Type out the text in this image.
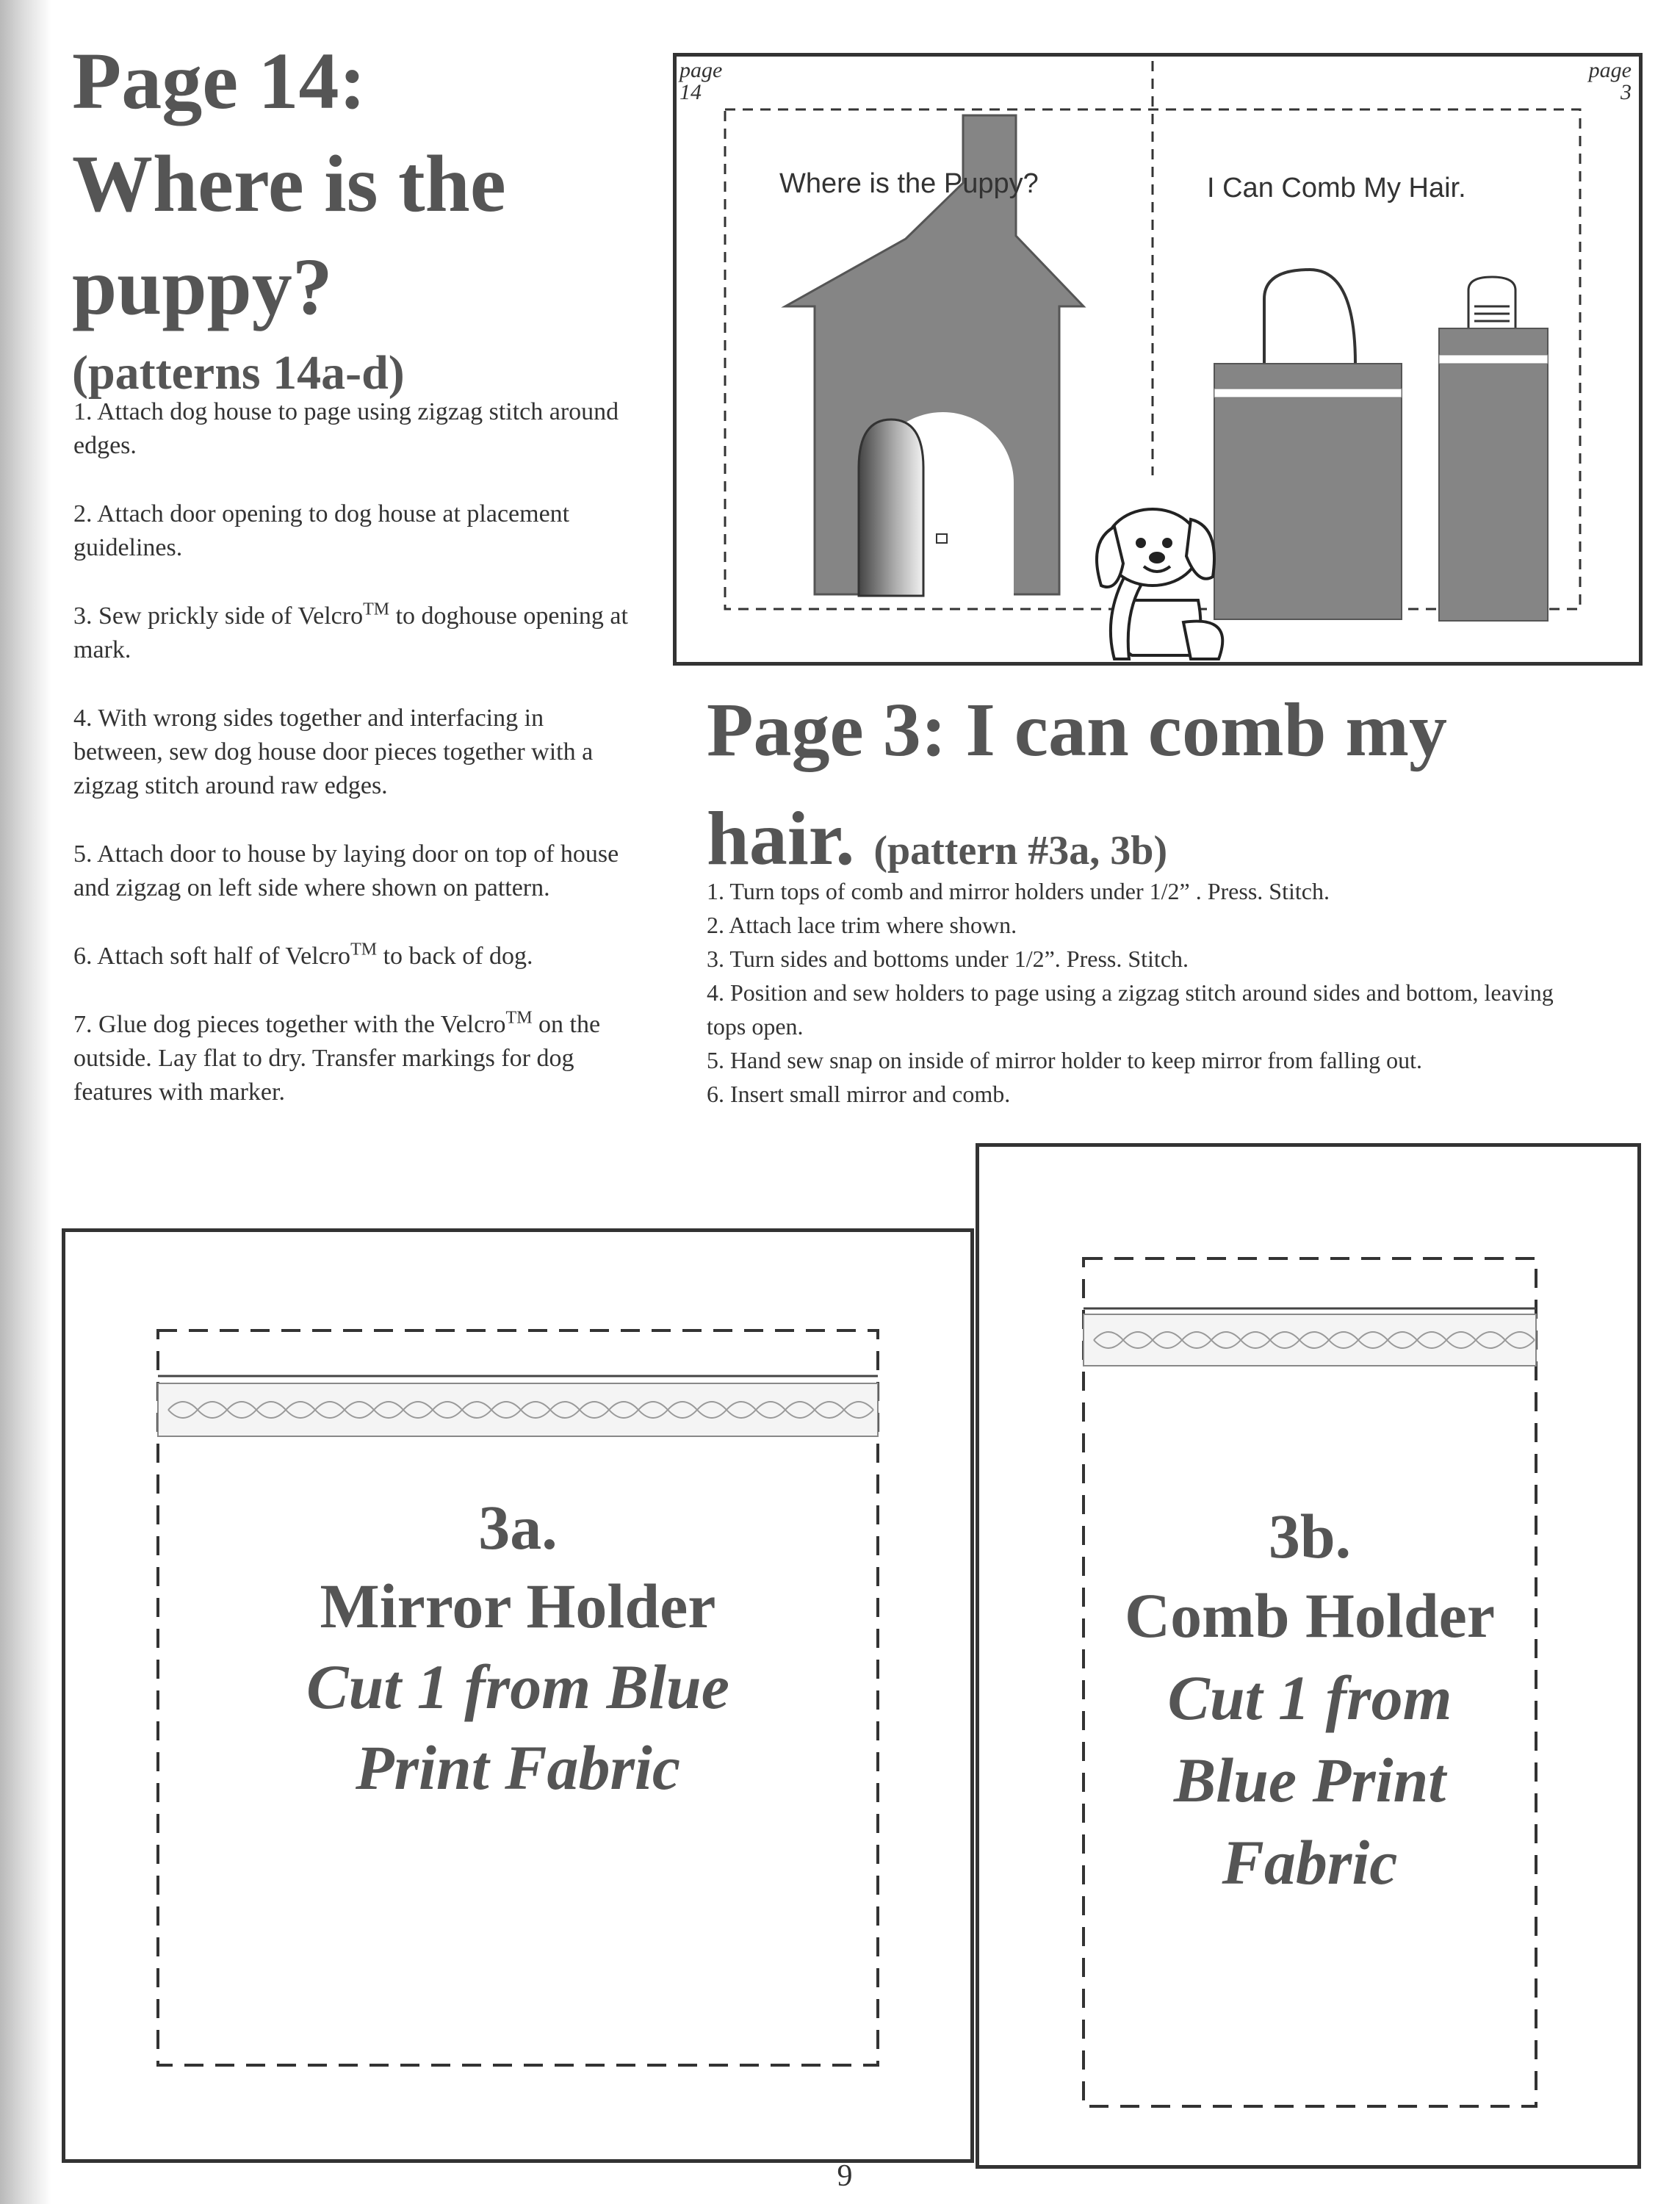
Page 14:
Where is the
puppy?
(patterns 14a-d)

1. Attach dog house to page using zigzag stitch around edges.

2. Attach door opening to dog house at placement guidelines.

3. Sew prickly side of Velcro™ to doghouse opening at mark.

4. With wrong sides together and interfacing in between, sew dog house door pieces together with a zigzag stitch around raw edges.

5. Attach door to house by laying door on top of house and zigzag on left side where shown on pattern.

6. Attach soft half of Velcro™ to back of dog.

7. Glue dog pieces together with the Velcro™ on the outside. Lay flat to dry. Transfer markings for dog features with marker.

page
14
page
3
Where is the Puppy?	I Can Comb My Hair.
Page 3: I can comb my
hair. (pattern #3a, 3b)

1. Turn tops of comb and mirror holders under 1/2” . Press. Stitch.

2. Attach lace trim where shown.

3. Turn sides and bottoms under 1/2”. Press. Stitch.

4. Position and sew holders to page using a zigzag stitch around sides and bottom, leaving tops open.

5. Hand sew snap on inside of mirror holder to keep mirror from falling out.

6. Insert small mirror and comb.

3a.
Mirror Holder
Cut 1 from Blue
Print Fabric
3b.
Comb Holder
Cut 1 from
Blue Print
Fabric
9
